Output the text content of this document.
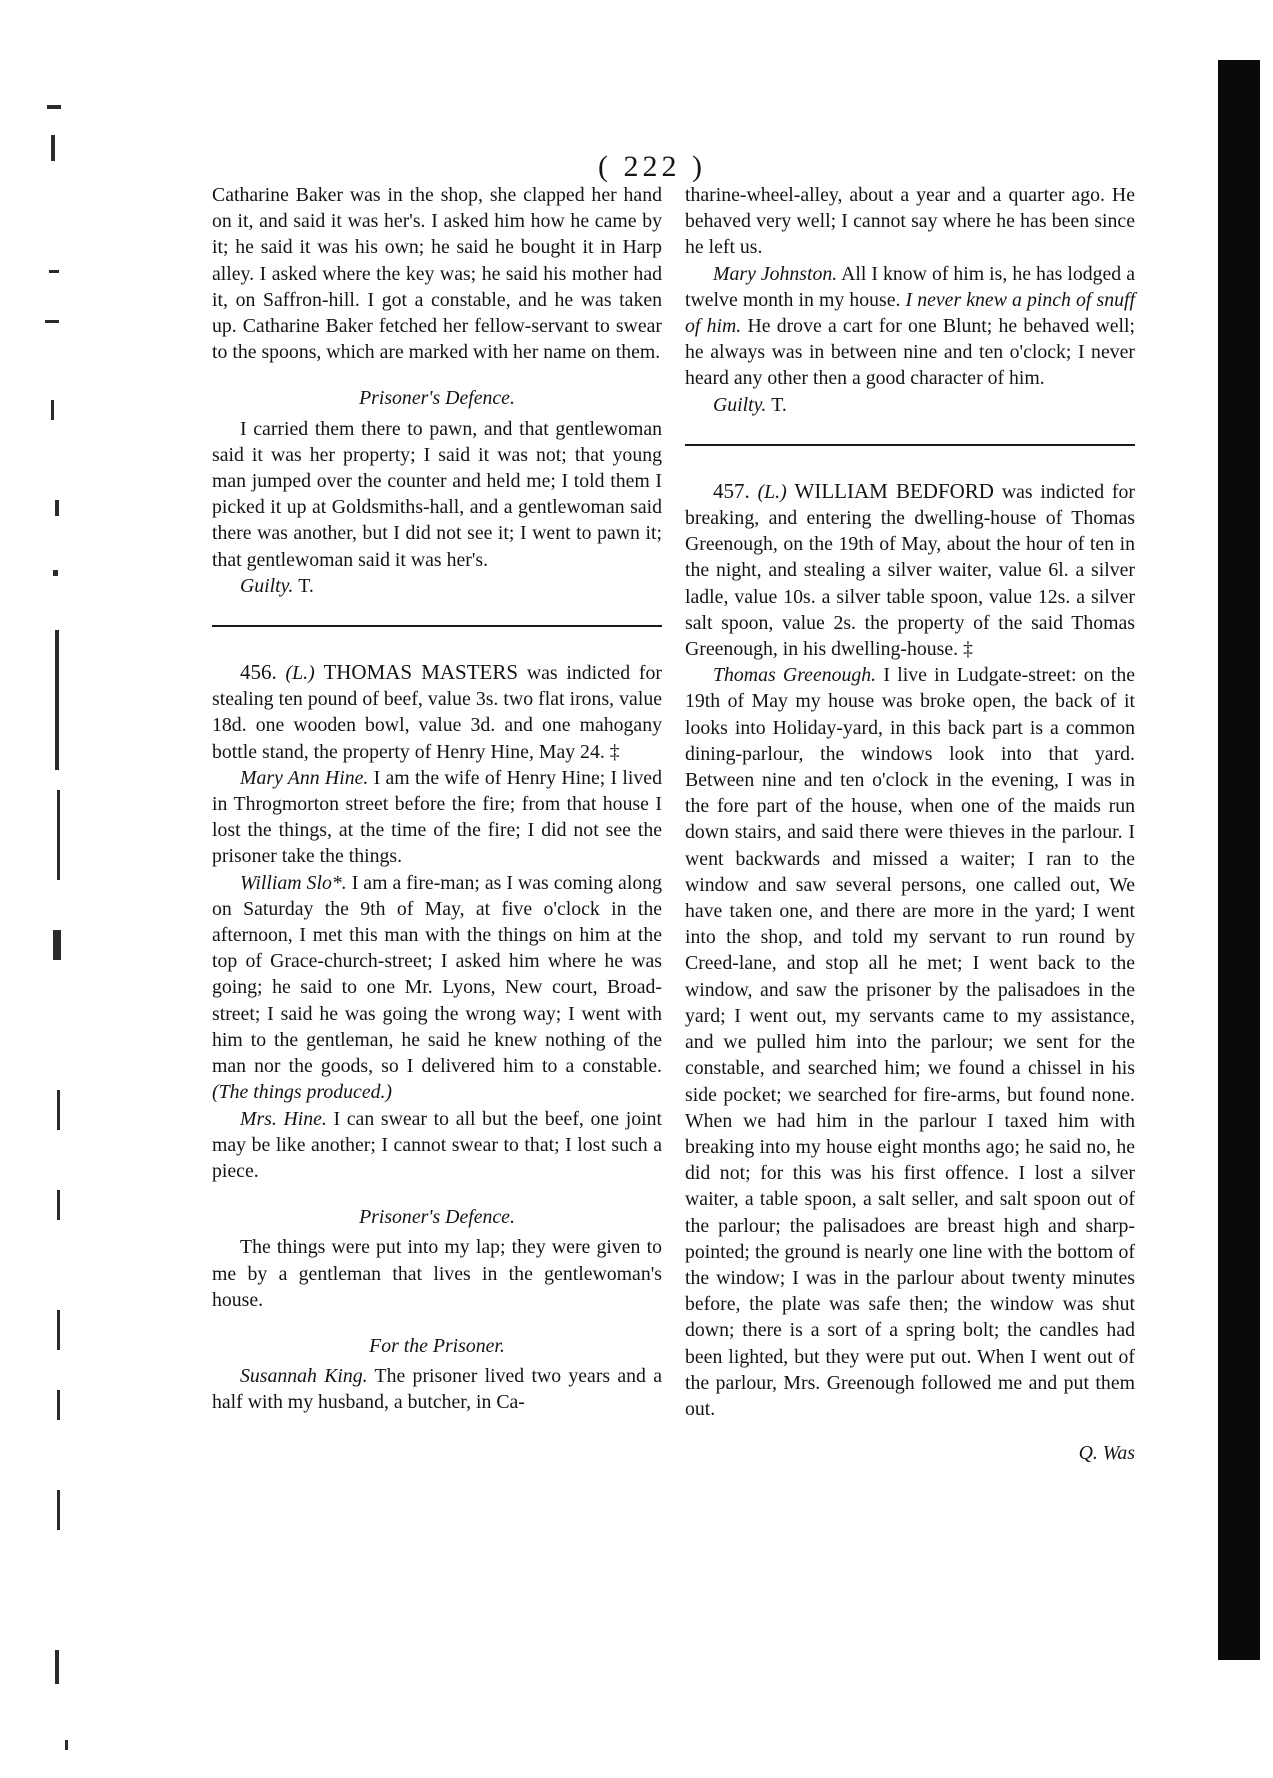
( 222 )

Catharine Baker was in the shop, she clapped her hand on it, and said it was her's. I asked him how he came by it; he said it was his own; he said he bought it in Harp alley. I asked where the key was; he said his mother had it, on Saffron-hill. I got a constable, and he was taken up. Catharine Baker fetched her fellow-servant to swear to the spoons, which are marked with her name on them.

Prisoner's Defence.

I carried them there to pawn, and that gentlewoman said it was her property; I said it was not; that young man jumped over the counter and held me; I told them I picked it up at Goldsmiths-hall, and a gentlewoman said there was another, but I did not see it; I went to pawn it; that gentlewoman said it was her's.

Guilty. T.

456. (L.) THOMAS MASTERS was indicted for stealing ten pound of beef, value 3s. two flat irons, value 18d. one wooden bowl, value 3d. and one mahogany bottle stand, the property of Henry Hine, May 24. ‡

Mary Ann Hine. I am the wife of Henry Hine; I lived in Throgmorton street before the fire; from that house I lost the things, at the time of the fire; I did not see the prisoner take the things.

William Slo*. I am a fire-man; as I was coming along on Saturday the 9th of May, at five o'clock in the afternoon, I met this man with the things on him at the top of Grace-church-street; I asked him where he was going; he said to one Mr. Lyons, New court, Broad-street; I said he was going the wrong way; I went with him to the gentleman, he said he knew nothing of the man nor the goods, so I delivered him to a constable. (The things produced.)

Mrs. Hine. I can swear to all but the beef, one joint may be like another; I cannot swear to that; I lost such a piece.

Prisoner's Defence.

The things were put into my lap; they were given to me by a gentleman that lives in the gentlewoman's house.

For the Prisoner.

Susannah King. The prisoner lived two years and a half with my husband, a butcher, in Ca-

tharine-wheel-alley, about a year and a quarter ago. He behaved very well; I cannot say where he has been since he left us.

Mary Johnston. All I know of him is, he has lodged a twelve month in my house. I never knew a pinch of snuff of him. He drove a cart for one Blunt; he behaved well; he always was in between nine and ten o'clock; I never heard any other then a good character of him.

Guilty. T.

457. (L.) WILLIAM BEDFORD was indicted for breaking, and entering the dwelling-house of Thomas Greenough, on the 19th of May, about the hour of ten in the night, and stealing a silver waiter, value 6l. a silver ladle, value 10s. a silver table spoon, value 12s. a silver salt spoon, value 2s. the property of the said Thomas Greenough, in his dwelling-house. ‡

Thomas Greenough. I live in Ludgate-street: on the 19th of May my house was broke open, the back of it looks into Holiday-yard, in this back part is a common dining-parlour, the windows look into that yard. Between nine and ten o'clock in the evening, I was in the fore part of the house, when one of the maids run down stairs, and said there were thieves in the parlour. I went backwards and missed a waiter; I ran to the window and saw several persons, one called out, We have taken one, and there are more in the yard; I went into the shop, and told my servant to run round by Creed-lane, and stop all he met; I went back to the window, and saw the prisoner by the palisadoes in the yard; I went out, my servants came to my assistance, and we pulled him into the parlour; we sent for the constable, and searched him; we found a chissel in his side pocket; we searched for fire-arms, but found none. When we had him in the parlour I taxed him with breaking into my house eight months ago; he said no, he did not; for this was his first offence. I lost a silver waiter, a table spoon, a salt seller, and salt spoon out of the parlour; the palisadoes are breast high and sharp-pointed; the ground is nearly one line with the bottom of the window; I was in the parlour about twenty minutes before, the plate was safe then; the window was shut down; there is a sort of a spring bolt; the candles had been lighted, but they were put out. When I went out of the parlour, Mrs. Greenough followed me and put them out.

Q. Was
